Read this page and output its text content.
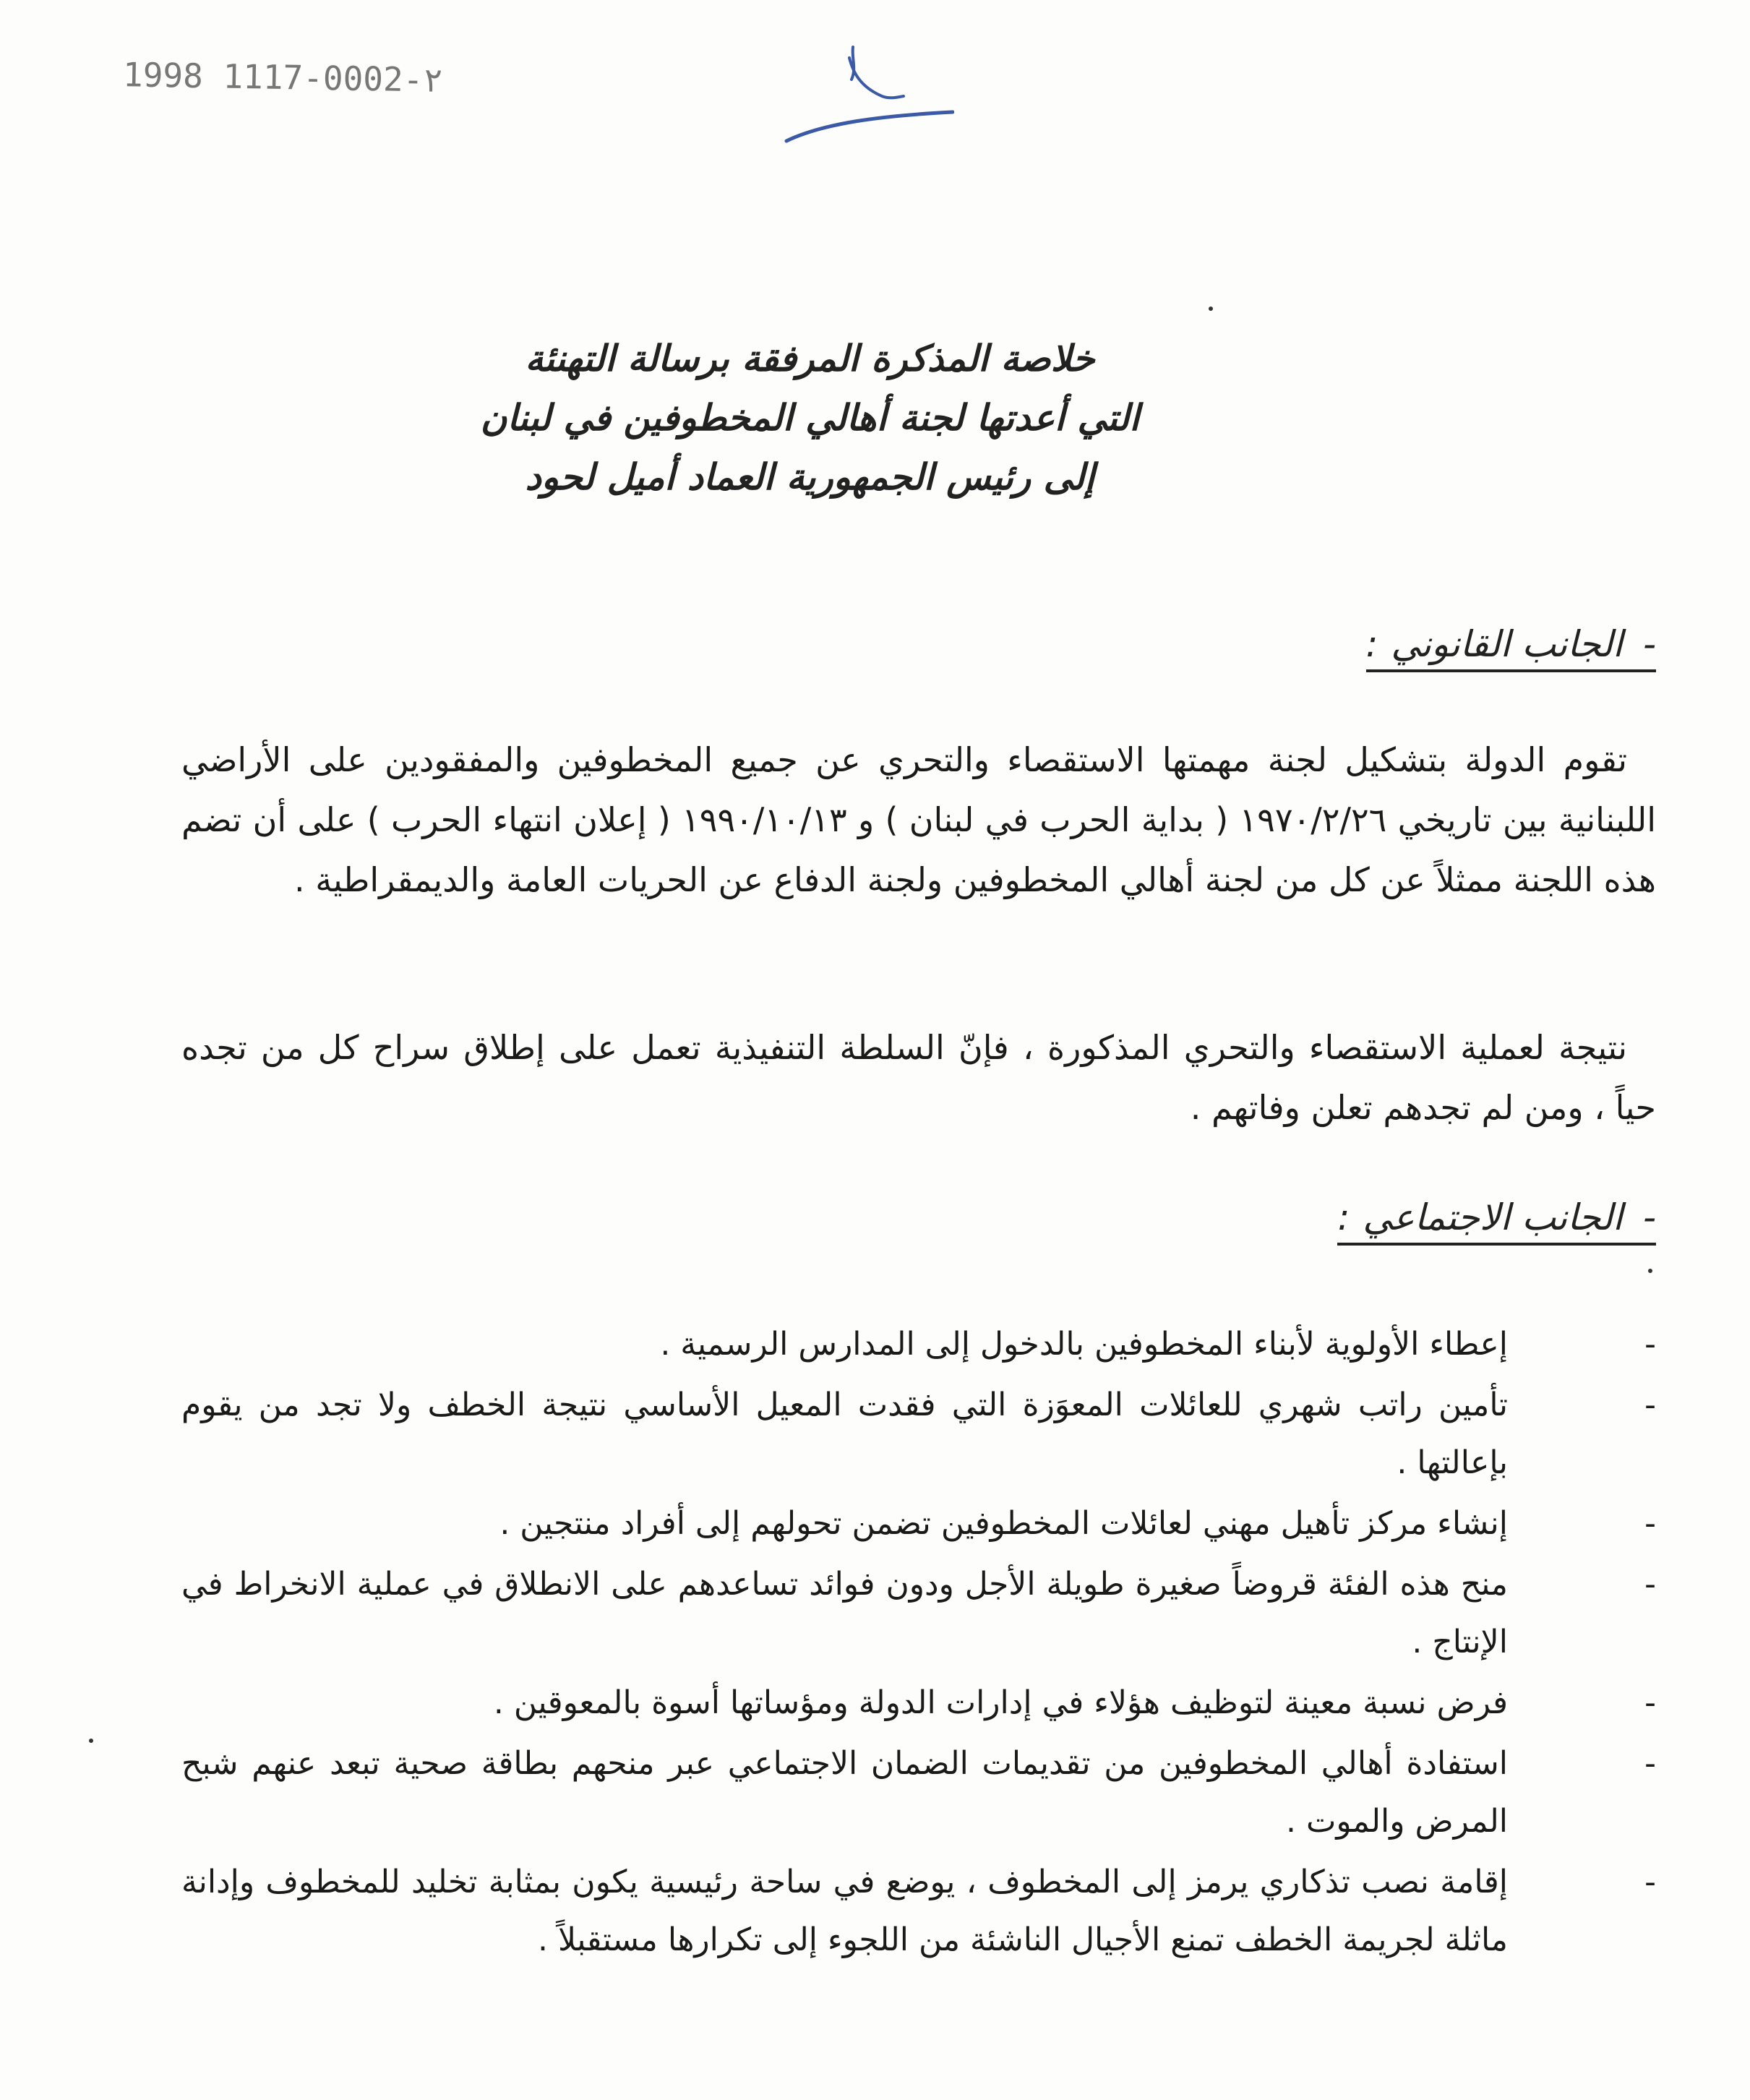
1998 1117-0002-٢
خلاصة المذكرة المرفقة برسالة التهنئة
التي أعدتها لجنة أهالي المخطوفين في لبنان
إلى رئيس الجمهورية العماد أميل لحود
-الجانب القانوني:

تقوم الدولة بتشكيل لجنة مهمتها الاستقصاء والتحري عن جميع المخطوفين والمفقودين على الأراضي اللبنانية بين تاريخي ١٩٧٠/٢/٢٦ ( بداية الحرب في لبنان ) و ١٩٩٠/١٠/١٣ ( إعلان انتهاء الحرب ) على أن تضم هذه اللجنة ممثلاً عن كل من لجنة أهالي المخطوفين ولجنة الدفاع عن الحريات العامة والديمقراطية .

نتيجة لعملية الاستقصاء والتحري المذكورة ، فإنّ السلطة التنفيذية تعمل على إطلاق سراح كل من تجده حياً ، ومن لم تجدهم تعلن وفاتهم .

-الجانب الاجتماعي:
-
إعطاء الأولوية لأبناء المخطوفين بالدخول إلى المدارس الرسمية .
-
تأمين راتب شهري للعائلات المعوَزة التي فقدت المعيل الأساسي نتيجة الخطف ولا تجد من يقوم بإعالتها .
-
إنشاء مركز تأهيل مهني لعائلات المخطوفين تضمن تحولهم إلى أفراد منتجين .
-
منح هذه الفئة قروضاً صغيرة طويلة الأجل ودون فوائد تساعدهم على الانطلاق في عملية الانخراط في الإنتاج .
-
فرض نسبة معينة لتوظيف هؤلاء في إدارات الدولة ومؤساتها أسوة بالمعوقين .
-
استفادة أهالي المخطوفين من تقديمات الضمان الاجتماعي عبر منحهم بطاقة صحية تبعد عنهم شبح المرض والموت .
-
إقامة نصب تذكاري يرمز إلى المخطوف ، يوضع في ساحة رئيسية يكون بمثابة تخليد للمخطوف وإدانة ماثلة لجريمة الخطف تمنع الأجيال الناشئة من اللجوء إلى تكرارها مستقبلاً .
